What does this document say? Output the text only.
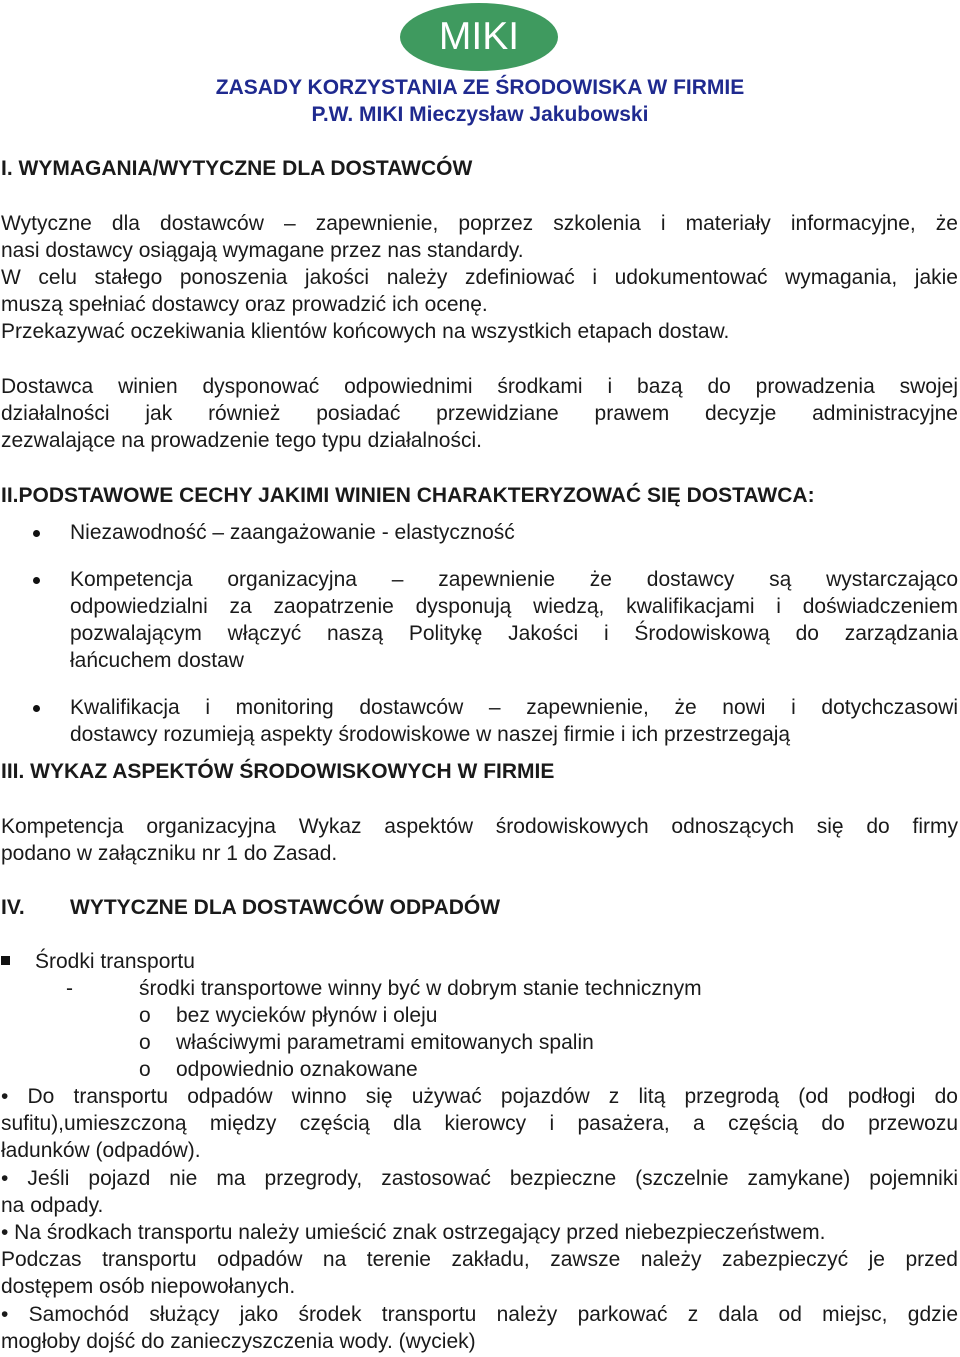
MIKI
ZASADY KORZYSTANIA ZE ŚRODOWISKA W FIRMIE
P.W. MIKI Mieczysław Jakubowski
I. WYMAGANIA/WYTYCZNE DLA DOSTAWCÓW
Wytyczne dla dostawców – zapewnienie, poprzez szkolenia i materiały informacyjne, że
nasi dostawcy osiągają wymagane przez nas standardy.
W celu stałego ponoszenia jakości należy zdefiniować i udokumentować wymagania, jakie
muszą spełniać dostawcy oraz prowadzić ich ocenę.
Przekazywać oczekiwania klientów końcowych na wszystkich etapach dostaw.
Dostawca winien dysponować odpowiednimi środkami i bazą do prowadzenia swojej
działalności jak również posiadać przewidziane prawem decyzje administracyjne
zezwalające na prowadzenie tego typu działalności.
II.PODSTAWOWE CECHY JAKIMI WINIEN CHARAKTERYZOWAĆ SIĘ DOSTAWCA:
Niezawodność – zaangażowanie - elastyczność
Kompetencja organizacyjna – zapewnienie że dostawcy są wystarczająco
odpowiedzialni za zaopatrzenie dysponują wiedzą, kwalifikacjami i doświadczeniem
pozwalającym włączyć naszą Politykę Jakości i Środowiskową do zarządzania
łańcuchem dostaw
Kwalifikacja i monitoring dostawców – zapewnienie, że nowi i dotychczasowi
dostawcy rozumieją aspekty środowiskowe w naszej firmie i ich przestrzegają
III. WYKAZ ASPEKTÓW ŚRODOWISKOWYCH W FIRMIE
Kompetencja organizacyjna Wykaz aspektów środowiskowych odnoszących się do firmy
podano w załączniku nr 1 do Zasad.
IV. WYTYCZNE DLA DOSTAWCÓW ODPADÓW
Środki transportu
-	środki transportowe winny być w dobrym stanie technicznym
o bez wycieków płynów i oleju
o właściwymi parametrami emitowanych spalin
o odpowiednio oznakowane
• Do transportu odpadów winno się używać pojazdów z litą przegrodą (od podłogi do
sufitu),umieszczoną między częścią dla kierowcy i pasażera, a częścią do przewozu
ładunków (odpadów).
• Jeśli pojazd nie ma przegrody, zastosować bezpieczne (szczelnie zamykane) pojemniki
na odpady.
• Na środkach transportu należy umieścić znak ostrzegający przed niebezpieczeństwem.
Podczas transportu odpadów na terenie zakładu, zawsze należy zabezpieczyć je przed
dostępem osób niepowołanych.
• Samochód służący jako środek transportu należy parkować z dala od miejsc, gdzie
mogłoby dojść do zanieczyszczenia wody. (wyciek)
